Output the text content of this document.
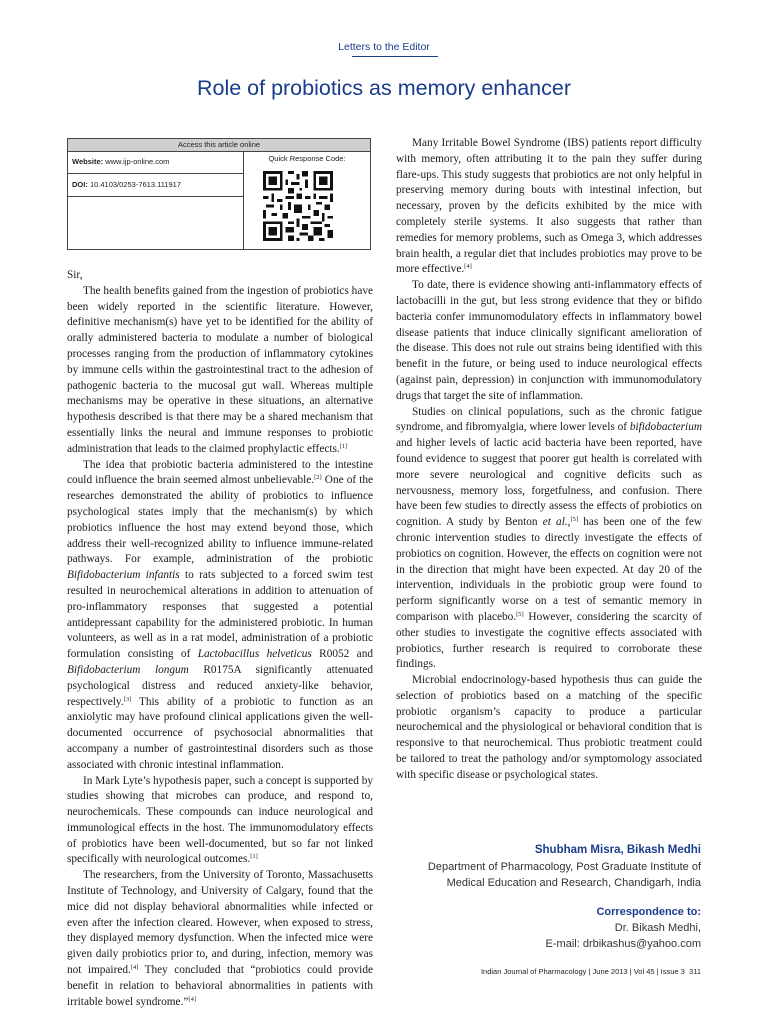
Letters to the Editor
Role of probiotics as memory enhancer
Access this article online
Website: www.ijp-online.com
DOI: 10.4103/0253-7613.111917
Quick Response Code:

Sir,

The health benefits gained from the ingestion of probiotics have been widely reported in the scientific literature. However, definitive mechanism(s) have yet to be identified for the ability of orally administered bacteria to modulate a number of biological processes ranging from the production of inflammatory cytokines by immune cells within the gastrointestinal tract to the adhesion of pathogenic bacteria to the mucosal gut wall. Whereas multiple mechanisms may be operative in these situations, an alternative hypothesis described is that there may be a shared mechanism that essentially links the neural and immune responses to probiotic administration that leads to the claimed prophylactic effects.[1]

The idea that probiotic bacteria administered to the intestine could influence the brain seemed almost unbelievable.[2] One of the researches demonstrated the ability of probiotics to influence psychological states imply that the mechanism(s) by which probiotics influence the host may extend beyond those, which address their well-recognized ability to influence immune-related pathways. For example, administration of the probiotic Bifidobacterium infantis to rats subjected to a forced swim test resulted in neurochemical alterations in addition to attenuation of pro-inflammatory responses that suggested a potential antidepressant capability for the administered probiotic. In human volunteers, as well as in a rat model, administration of a probiotic formulation consisting of Lactobacillus helveticus R0052 and Bifidobacterium longum R0175A significantly attenuated psychological distress and reduced anxiety-like behavior, respectively.[3] This ability of a probiotic to function as an anxiolytic may have profound clinical applications given the well-documented occurrence of psychosocial abnormalities that accompany a number of gastrointestinal disorders such as those associated with chronic intestinal inflammation.

In Mark Lyte’s hypothesis paper, such a concept is supported by studies showing that microbes can produce, and respond to, neurochemicals. These compounds can induce neurological and immunological effects in the host. The immunomodulatory effects of probiotics have been well-documented, but so far not linked specifically with neurological outcomes.[1]

The researchers, from the University of Toronto, Massachusetts Institute of Technology, and University of Calgary, found that the mice did not display behavioral abnormalities while infected or even after the infection cleared. However, when exposed to stress, they displayed memory dysfunction. When the infected mice were given daily probiotics prior to, and during, infection, memory was not impaired.[4] They concluded that “probiotics could provide benefit in relation to behavioral abnormalities in patients with irritable bowel syndrome.”[4]

Many Irritable Bowel Syndrome (IBS) patients report difficulty with memory, often attributing it to the pain they suffer during flare-ups. This study suggests that probiotics are not only helpful in preserving memory during bouts with intestinal infection, but necessary, proven by the deficits exhibited by the mice with completely sterile systems. It also suggests that rather than remedies for memory problems, such as Omega 3, which addresses brain health, a regular diet that includes probiotics may prove to be more effective.[4]

To date, there is evidence showing anti-inflammatory effects of lactobacilli in the gut, but less strong evidence that they or bifido bacteria confer immunomodulatory effects in inflammatory bowel disease patients that induce clinically significant amelioration of the disease. This does not rule out strains being identified with this benefit in the future, or being used to induce neurological effects (against pain, depression) in conjunction with immunomodulatory drugs that target the site of inflammation.

Studies on clinical populations, such as the chronic fatigue syndrome, and fibromyalgia, where lower levels of bifidobacterium and higher levels of lactic acid bacteria have been reported, have found evidence to suggest that poorer gut health is correlated with more severe neurological and cognitive deficits such as nervousness, memory loss, forgetfulness, and confusion. There have been few studies to directly assess the effects of probiotics on cognition. A study by Benton et al.,[5] has been one of the few chronic intervention studies to directly investigate the effects of probiotics on cognition. However, the effects on cognition were not in the direction that might have been expected. At day 20 of the intervention, individuals in the probiotic group were found to perform significantly worse on a test of semantic memory in comparison with placebo.[5] However, considering the scarcity of other studies to investigate the cognitive effects associated with probiotics, further research is required to corroborate these findings.

Microbial endocrinology-based hypothesis thus can guide the selection of probiotics based on a matching of the specific probiotic organism’s capacity to produce a particular neurochemical and the physiological or behavioral condition that is responsive to that neurochemical. Thus probiotic treatment could be tailored to treat the pathology and/or symptomology associated with specific disease or psychological states.

Shubham Misra, Bikash Medhi
Department of Pharmacology, Post Graduate Institute of
Medical Education and Research, Chandigarh, India
Correspondence to:
Dr. Bikash Medhi,
E-mail: drbikashus@yahoo.com
Indian Journal of Pharmacology | June 2013 | Vol 45 | Issue 3 311
